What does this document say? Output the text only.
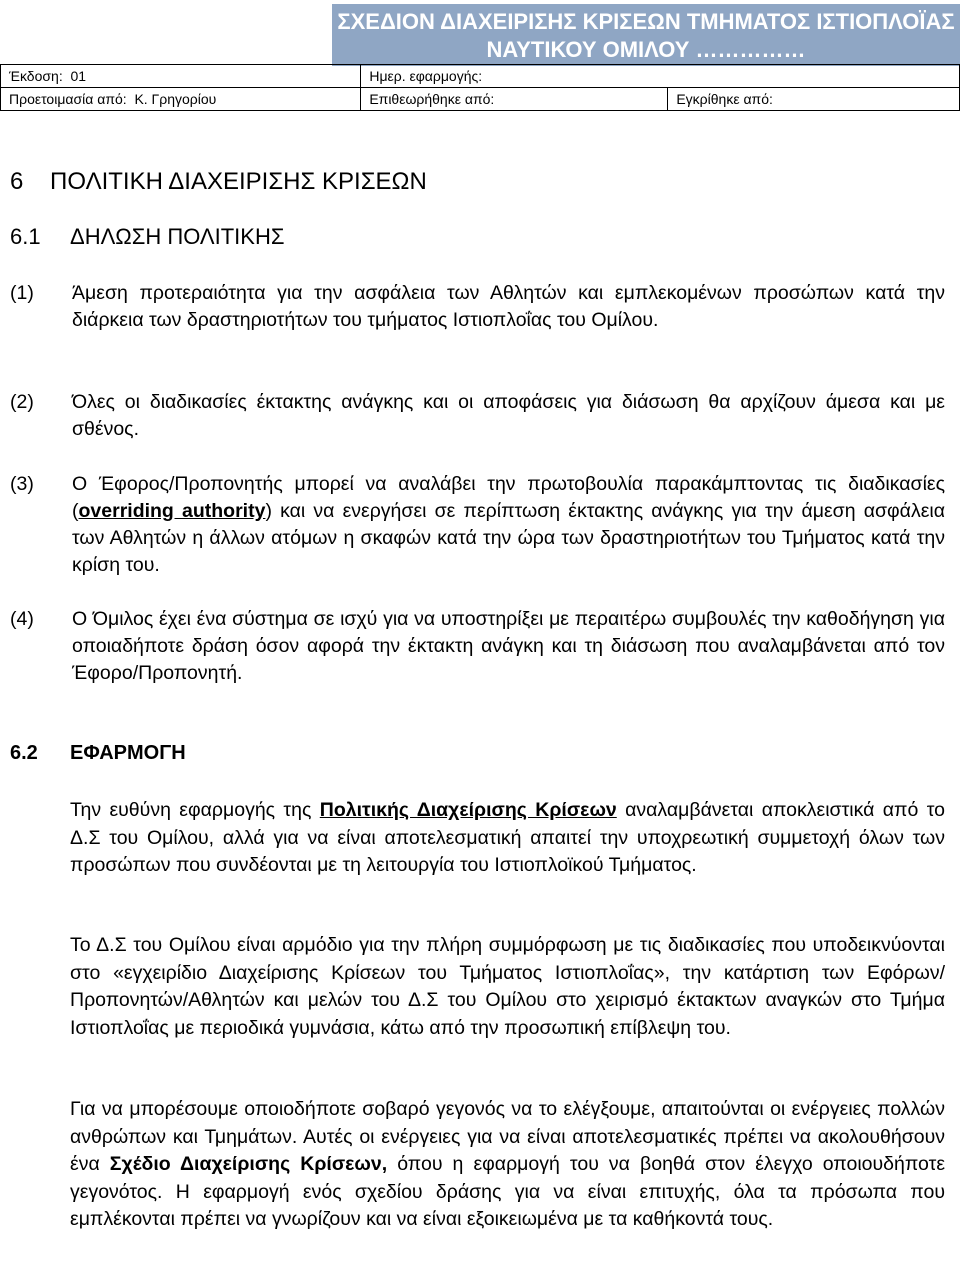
ΣΧΕΔΙΟΝ ΔΙΑΧΕΙΡΙΣΗΣ ΚΡΙΣΕΩΝ ΤΜΗΜΑΤΟΣ ΙΣΤΙΟΠΛΟΪΑΣ
ΝΑΥΤΙΚΟΥ ΟΜΙΛΟΥ ……………
Έκδοση: 01		Ημερ. εφαρμογής:	
Προετοιμασία από: Κ. Γρηγορίου		Επιθεωρήθηκε από:	Εγκρίθηκε από:
6 ΠΟΛΙΤΙΚΗ ΔΙΑΧΕΙΡΙΣΗΣ ΚΡΙΣΕΩΝ
6.1 ΔΗΛΩΣΗ ΠΟΛΙΤΙΚΗΣ
(1)	Άμεση προτεραιότητα για την ασφάλεια των Αθλητών και εμπλεκομένων προσώπων κατά την διάρκεια των δραστηριοτήτων του τμήματος Ιστιοπλοΐας του Ομίλου.
(2)	Όλες οι διαδικασίες έκτακτης ανάγκης και οι αποφάσεις για διάσωση θα αρχίζουν άμεσα και με σθένος.
(3)	Ο Έφορος/Προπονητής μπορεί να αναλάβει την πρωτοβουλία παρακάμπτοντας τις διαδικασίες (overriding authority) και να ενεργήσει σε περίπτωση έκτακτης ανάγκης για την άμεση ασφάλεια των Αθλητών η άλλων ατόμων η σκαφών κατά την ώρα των δραστηριοτήτων του Τμήματος κατά την κρίση του.
(4)	Ο Όμιλος έχει ένα σύστημα σε ισχύ για να υποστηρίξει με περαιτέρω συμβουλές την καθοδήγηση για οποιαδήποτε δράση όσον αφορά την έκτακτη ανάγκη και τη διάσωση που αναλαμβάνεται από τον Έφορο/Προπονητή.
6.2 ΕΦΑΡΜΟΓΗ
Την ευθύνη εφαρμογής της Πολιτικής Διαχείρισης Κρίσεων αναλαμβάνεται αποκλειστικά από το Δ.Σ του Ομίλου, αλλά για να είναι αποτελεσματική απαιτεί την υποχρεωτική συμμετοχή όλων των προσώπων που συνδέονται με τη λειτουργία του Ιστιοπλοϊκού Τμήματος.
Το Δ.Σ του Ομίλου είναι αρμόδιο για την πλήρη συμμόρφωση με τις διαδικασίες που υποδεικνύονται στο «εγχειρίδιο Διαχείρισης Κρίσεων του Τμήματος Ιστιοπλοΐας», την κατάρτιση των Εφόρων/Προπονητών/Αθλητών και μελών του Δ.Σ του Ομίλου στο χειρισμό έκτακτων αναγκών στο Τμήμα Ιστιοπλοΐας με περιοδικά γυμνάσια, κάτω από την προσωπική επίβλεψη του.
Για να μπορέσουμε οποιοδήποτε σοβαρό γεγονός να το ελέγξουμε, απαιτούνται οι ενέργειες πολλών ανθρώπων και Τμημάτων. Αυτές οι ενέργειες για να είναι αποτελεσματικές πρέπει να ακολουθήσουν ένα Σχέδιο Διαχείρισης Κρίσεων, όπου η εφαρμογή του να βοηθά στον έλεγχο οποιουδήποτε γεγονότος. Η εφαρμογή ενός σχεδίου δράσης για να είναι επιτυχής, όλα τα πρόσωπα που εμπλέκονται πρέπει να γνωρίζουν και να είναι εξοικειωμένα με τα καθήκοντά τους.
